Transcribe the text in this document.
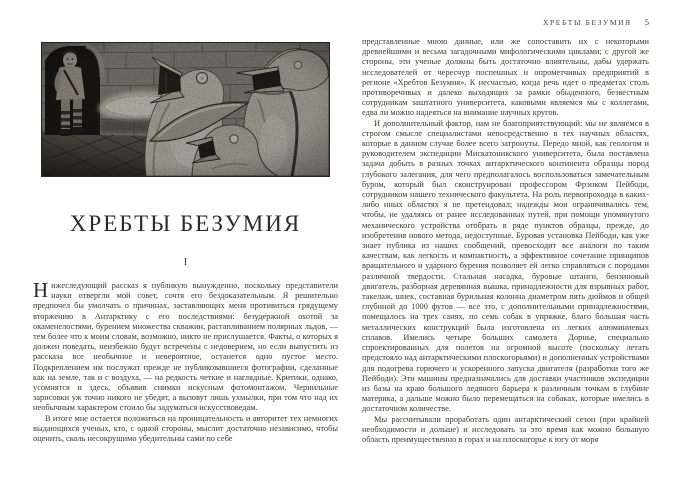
ХРЕБТЫ БЕЗУМИЯ
I

Нижеследующий рассказ я публикую вынужденно, поскольку представители науки отвергли мой совет, сочтя его бездоказательным. Я решительно предпочел бы умолчать о причинах, заставляющих меня противиться грядущему вторжению в Антарктику с его последствиями: безудержной охотой за окаменелостями, бурением множества скважин, растапливанием полярных льдов, — тем более что к моим словам, возможно, никто не прислушается. Факты, о которых я должен поведать, неизбежно будут встречены с недоверием, но если выпустить из рассказа все необычное и невероятное, останется одно пустое место. Подкреплением им послужат прежде не публиковавшиеся фотографии, сделанные как на земле, так и с воздуха, — на редкость четкие и наглядные. Критики, однако, усомнятся и здесь, объявив снимки искусным фотомонтажом. Чернильные зарисовки уж точно никого не убедят, а вызовут лишь ухмылки, при том что над их необычным характером стоило бы задуматься искусствоведам.

В итоге мне остается положиться на проницательность и авторитет тех немногих выдающихся ученых, кто, с одной стороны, мыслит достаточно независимо, чтобы оценить, сколь несокрушимо убедительны сами по себе

ХРЕБТЫ БЕЗУМИЯ 5

представленные мною данные, или же сопоставить их с некоторыми древнейшими и весьма загадочными мифологическими циклами; с другой же стороны, эти ученые должны быть достаточно влиятельны, дабы удержать исследователей от чересчур поспешных и опрометчивых предприятий в регионе «Хребтов Безумия». К несчастью, когда речь идет о предметах столь противоречивых и далеко выходящих за рамки обыденного, безвестным сотрудникам заштатного университета, каковыми являемся мы с коллегами, едва ли можно надеяться на внимание научных кругов.

И дополнительный фактор, нам не благоприятствующий: мы не являемся в строгом смысле специалистами непосредственно в тех научных областях, которые в данном случае более всего затронуты. Передо мной, как геологом и руководителем экспедиции Мискатоникского университета, была поставлена задача добыть в разных точках антарктического континента образцы пород глубокого залегания, для чего предполагалось воспользоваться замечательным буром, который был сконструирован профессором Фрэнком Пейбоди, сотрудником нашего технического факультета. На роль первопроходца в каких-либо иных областях я не претендовал; надежды мои ограничивались тем, чтобы, не удаляясь от ранее исследованных путей, при помощи упомянутого механического устройства отобрать в ряде пунктов образцы, прежде, до изобретения нового метода, недоступные. Буровая установка Пейбоди, как уже знает публика из наших сообщений, превосходит все аналоги по таким качествам, как легкость и компактность, а эффективное сочетание принципов вращательного и ударного бурения позволяет ей легко справляться с породами различной твердости. Стальная насадка, буровые штанги, бензиновый двигатель, разборная деревянная вышка, принадлежности для взрывных работ, такелаж, шнек, составная бурильная колонна диаметром пять дюймов и общей глубиной до 1000 футов — все это, с дополнительными принадлежностями, помещалось на трех санях, по семь собак в упряжке, благо большая часть металлических конструкций была изготовлена из легких алюминиевых сплавов. Имелись четыре больших самолета Дорнье, специально спроектированных для полетов на огромной высоте (поскольку летать предстояло над антарктическими плоскогорьями) и дополненных устройствами для подогрева горючего и ускоренного запуска двигателя (разработки того же Пейбоди). Эти машины предназначались для доставки участников экспедиции из базы на краю большого ледяного барьера к различным точкам в глубине материка, а дальше можно было перемещаться на собаках, которые имелись в достаточном количестве.

Мы рассчитывали проработать один антарктический сезон (при крайней необходимости и дольше) и исследовать за это время как можно большую область преимущественно в горах и на плоскогорье к югу от моря
